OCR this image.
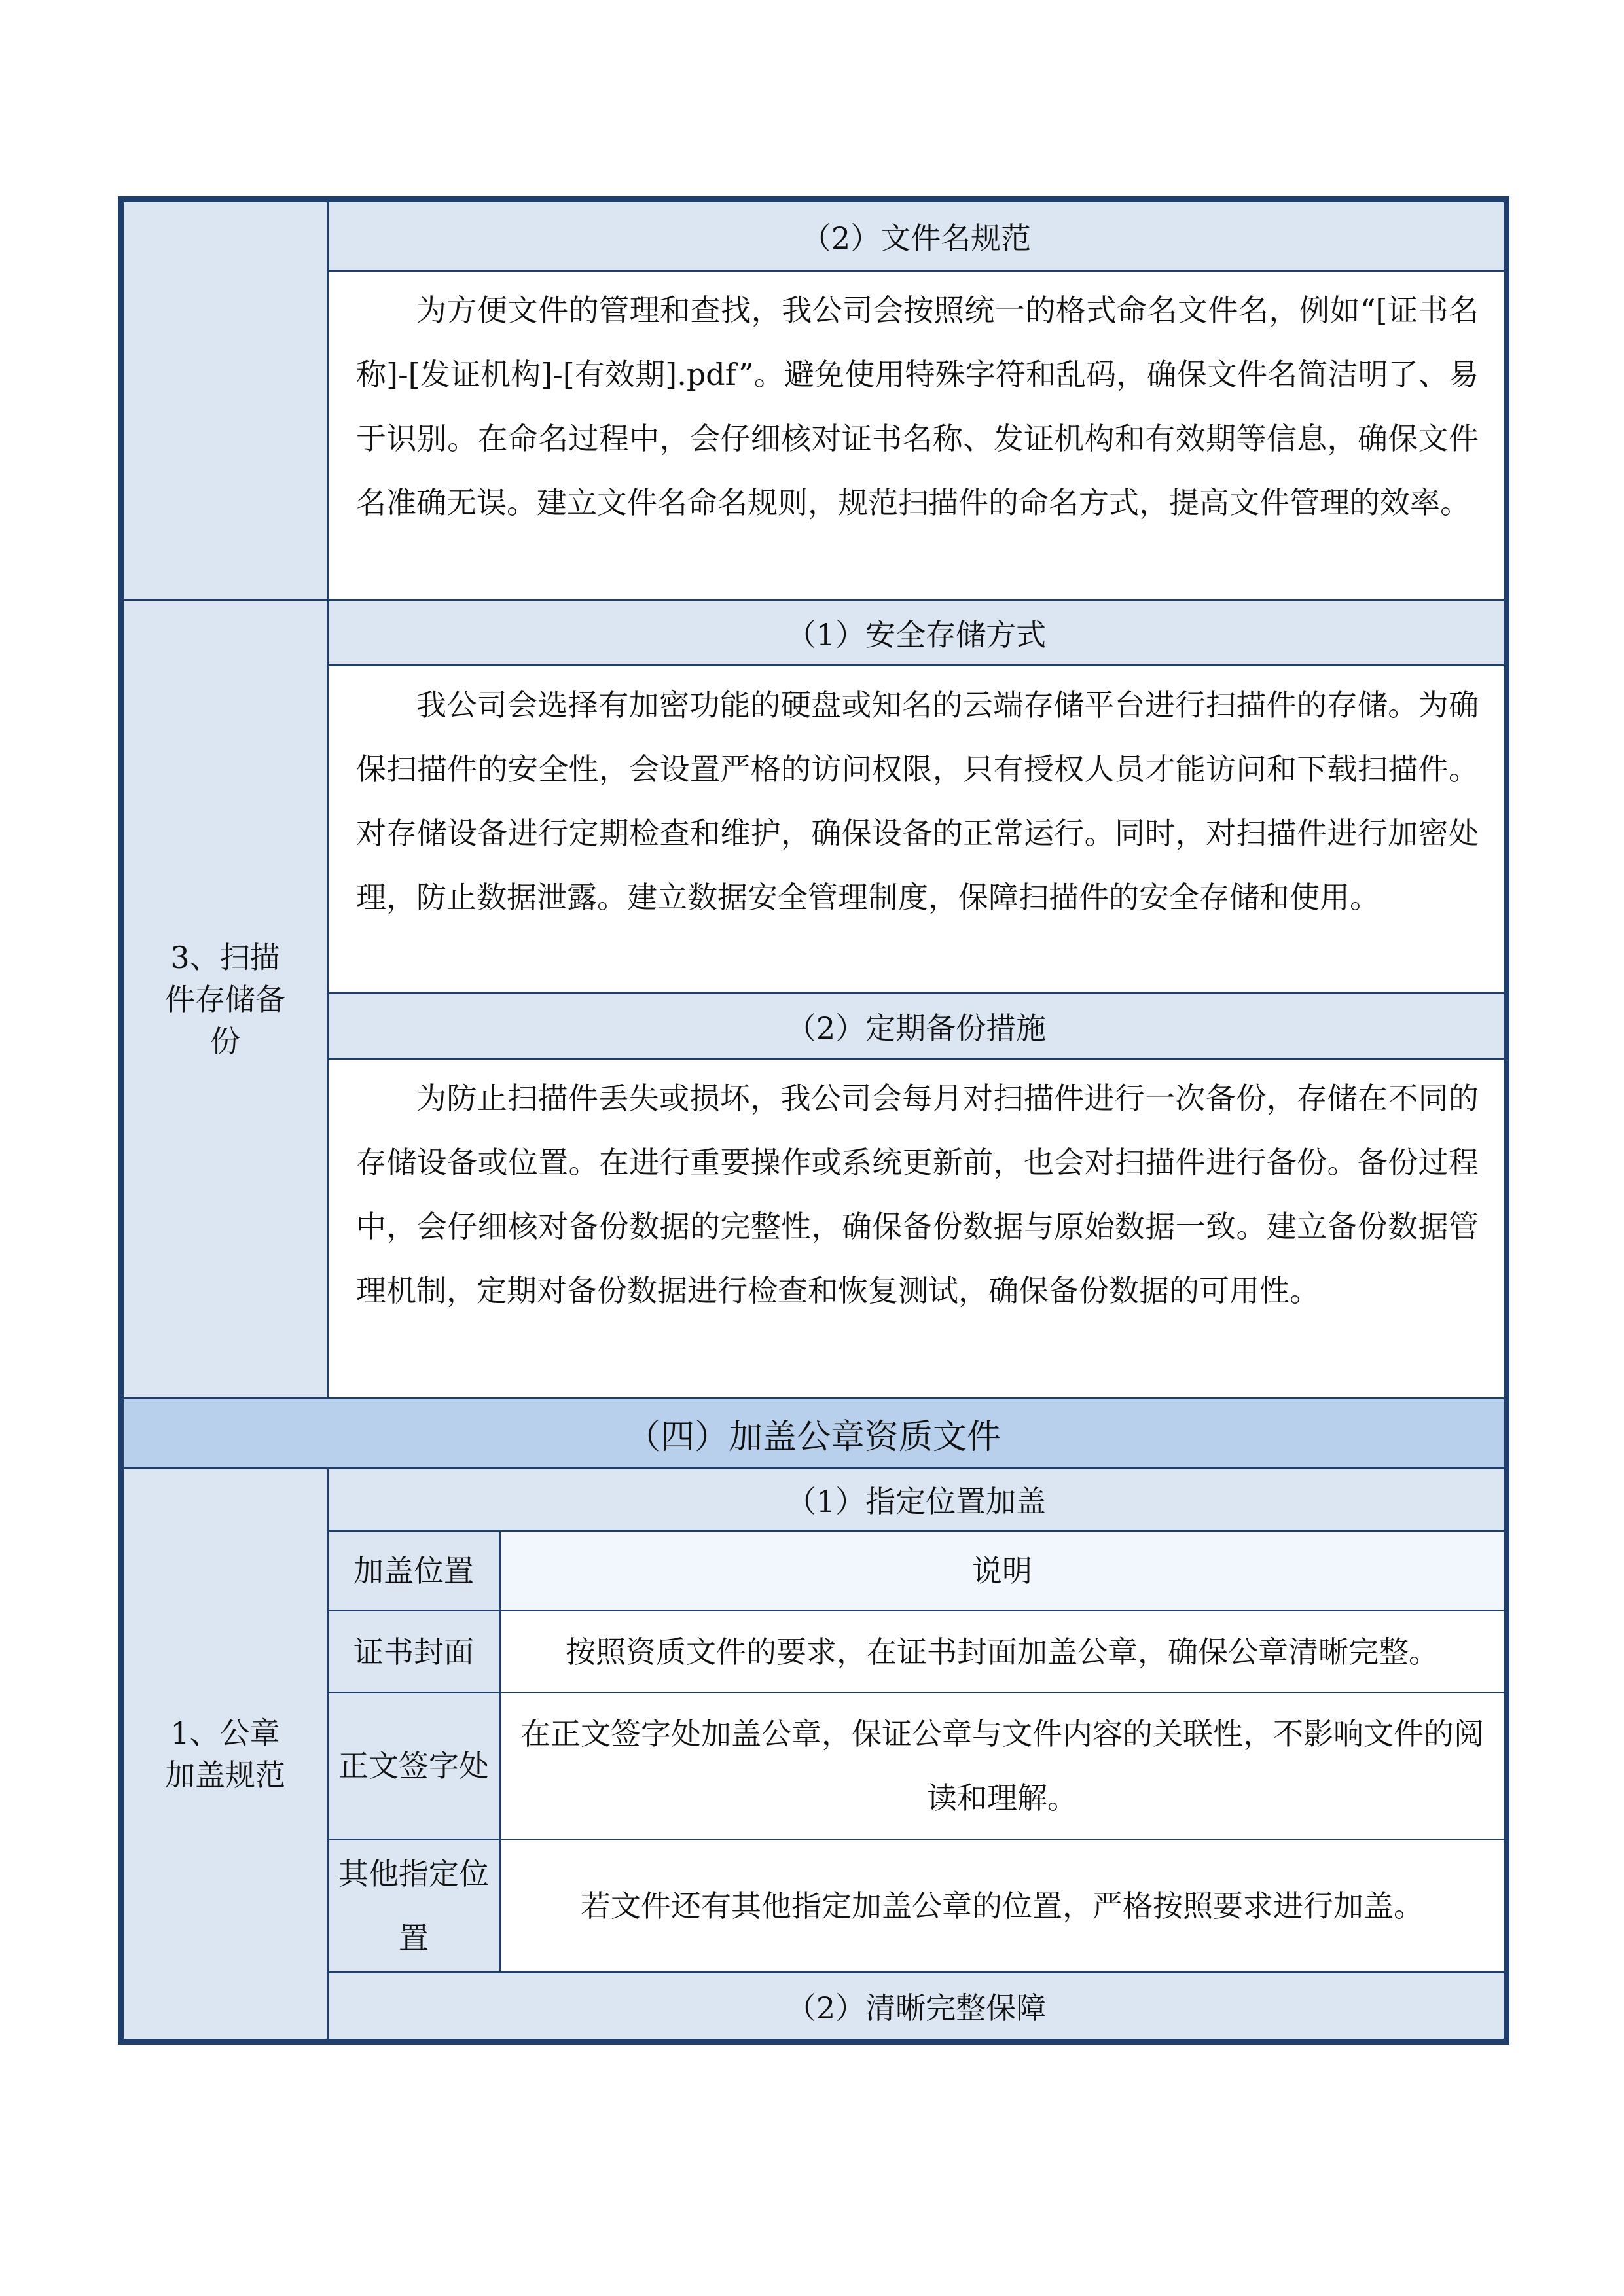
（2）文件名规范
为方便文件的管理和查找，我公司会按照统一的格式命名文件名，例如“[证书名称]-[发证机构]-[有效期].pdf”。避免使用特殊字符和乱码，确保文件名简洁明了、易于识别。在命名过程中，会仔细核对证书名称、发证机构和有效期等信息，确保文件名准确无误。建立文件名命名规则，规范扫描件的命名方式，提高文件管理的效率。
3、扫描件存储备份
（1）安全存储方式
我公司会选择有加密功能的硬盘或知名的云端存储平台进行扫描件的存储。为确保扫描件的安全性，会设置严格的访问权限，只有授权人员才能访问和下载扫描件。对存储设备进行定期检查和维护，确保设备的正常运行。同时，对扫描件进行加密处理，防止数据泄露。建立数据安全管理制度，保障扫描件的安全存储和使用。
（2）定期备份措施
为防止扫描件丢失或损坏，我公司会每月对扫描件进行一次备份，存储在不同的存储设备或位置。在进行重要操作或系统更新前，也会对扫描件进行备份。备份过程中，会仔细核对备份数据的完整性，确保备份数据与原始数据一致。建立备份数据管理机制，定期对备份数据进行检查和恢复测试，确保备份数据的可用性。
（四）加盖公章资质文件
1、公章加盖规范
（1）指定位置加盖
加盖位置	说明
证书封面	按照资质文件的要求，在证书封面加盖公章，确保公章清晰完整。
正文签字处
在正文签字处加盖公章，保证公章与文件内容的关联性，不影响文件的阅读和理解。
其他指定位置
若文件还有其他指定加盖公章的位置，严格按照要求进行加盖。
（2）清晰完整保障
